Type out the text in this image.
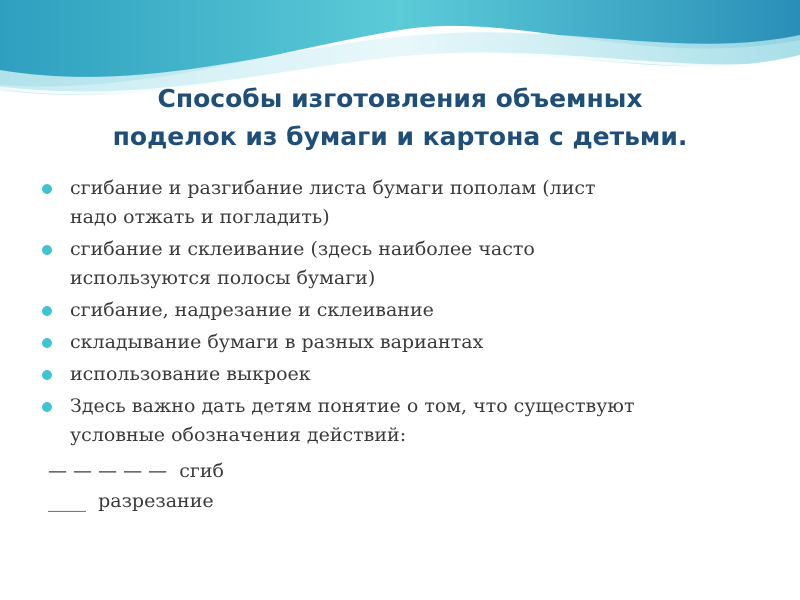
Способы изготовления объемных
поделок из бумаги и картона с детьми.
сгибание и разгибание листа бумаги пополам (лист
надо отжать и погладить)
сгибание и склеивание (здесь наиболее часто
используются полосы бумаги)
сгибание, надрезание и склеивание
складывание бумаги в разных вариантах
использование выкроек
Здесь важно дать детям понятие о том, что существуют
условные обозначения действий:
— — — — —  сгиб
____  разрезание
